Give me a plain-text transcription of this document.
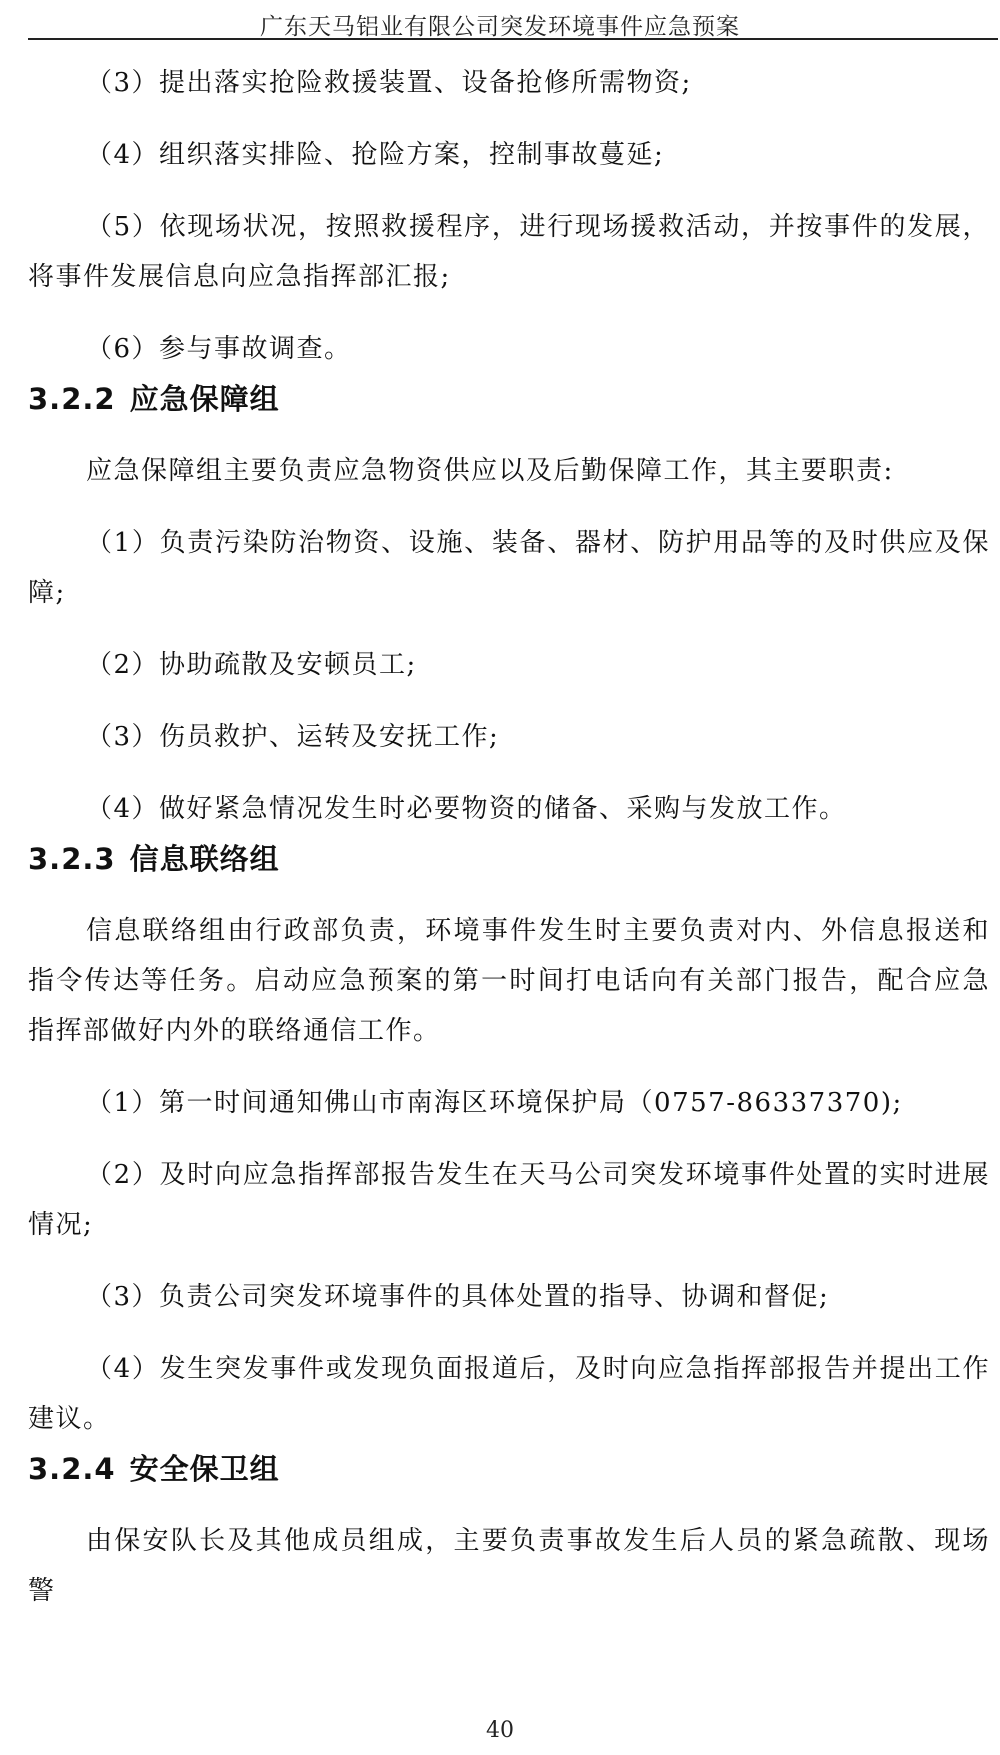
广东天马铝业有限公司突发环境事件应急预案

（3）提出落实抢险救援装置、设备抢修所需物资;

（4）组织落实排险、抢险方案，控制事故蔓延;

（5）依现场状况，按照救援程序，进行现场援救活动，并按事件的发展，将事件发展信息向应急指挥部汇报;

（6）参与事故调查。

3.2.2 应急保障组

应急保障组主要负责应急物资供应以及后勤保障工作，其主要职责:

（1）负责污染防治物资、设施、装备、器材、防护用品等的及时供应及保障;

（2）协助疏散及安顿员工;

（3）伤员救护、运转及安抚工作;

（4）做好紧急情况发生时必要物资的储备、采购与发放工作。

3.2.3 信息联络组

信息联络组由行政部负责，环境事件发生时主要负责对内、外信息报送和指令传达等任务。启动应急预案的第一时间打电话向有关部门报告，配合应急指挥部做好内外的联络通信工作。

（1）第一时间通知佛山市南海区环境保护局（0757-86337370);

（2）及时向应急指挥部报告发生在天马公司突发环境事件处置的实时进展情况;

（3）负责公司突发环境事件的具体处置的指导、协调和督促;

（4）发生突发事件或发现负面报道后，及时向应急指挥部报告并提出工作建议。

3.2.4 安全保卫组

由保安队长及其他成员组成，主要负责事故发生后人员的紧急疏散、现场警

40
